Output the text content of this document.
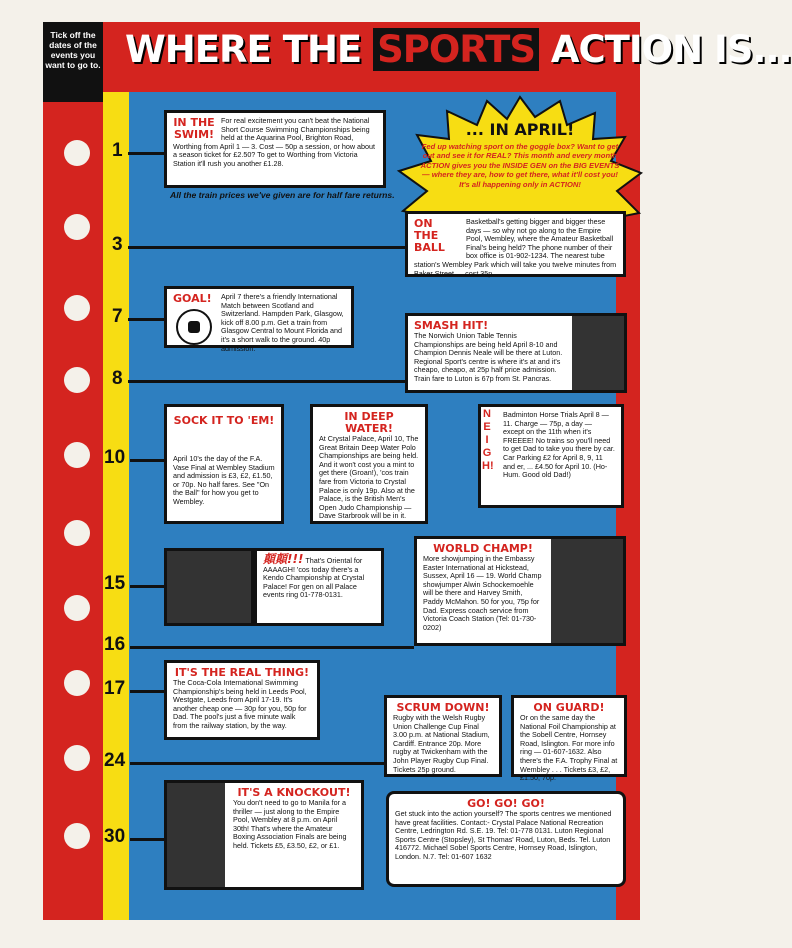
Tick off the dates of the events you want to go to. WHERE THE SPORTS ACTION IS...
1
3
7
8
10
15
16
17
24
30
... IN APRIL!
Fed up watching sport on the goggle box? Want to get out and see it for REAL? This month and every month ACTION gives you the INSIDE GEN on the BIG EVENTS — where they are, how to get there, what it'll cost you! It's all happening only in ACTION!
All the train prices we've given are for half fare returns.
IN THE SWIM!
For real excitement you can't beat the National Short Course Swimming Championships being held at the Aquarina Pool, Brighton Road, Worthing from April 1 — 3. Cost — 50p a session, or how about a season ticket for £2.50? To get to Worthing from Victoria Station it'll rush you another £1.28.
ON THE BALL
Basketball's getting bigger and bigger these days — so why not go along to the Empire Pool, Wembley, where the Amateur Basketball Final's being held? The phone number of their box office is 01-902-1234. The nearest tube station's Wembley Park which will take you twelve minutes from Baker Street — cost 35p.
GOAL!	April 7 there's a friendly International Match between Scotland and Switzerland. Hampden Park, Glasgow, kick off 8.00 p.m. Get a train from Glasgow Central to Mount Florida and it's a short walk to the ground. 40p admission.
SMASH HIT!
The Norwich Union Table Tennis Championships are being held April 8-10 and Champion Dennis Neale will be there at Luton. Regional Sport's centre is where it's at and it's cheapo, cheapo, at 25p half price admission. Train fare to Luton is 67p from St. Pancras.
SOCK IT TO 'EM!
April 10's the day of the F.A. Vase Final at Wembley Stadium and admission is £3, £2, £1.50, or 70p. No half fares. See "On the Ball" for how you get to Wembley.
IN DEEP WATER!
At Crystal Palace, April 10, The Great Britain Deep Water Polo Championships are being held. And it won't cost you a mint to get there (Groan!), 'cos train fare from Victoria to Crystal Palace is only 19p. Also at the Palace, is the British Men's Open Judo Championship — Dave Starbrook will be in it.
Badminton Horse Trials April 8 — 11. Charge — 75p, a day — except on the 11th when it's FREEEE! No trains so you'll need to get Dad to take you there by car. Car Parking £2 for April 8, 9, 11 and er, ... £4.50 for April 10. (Ho-Hum. Good old Dad!)
NEIGH!
顛顛!!! That's Oriental for AAAAGH! 'cos today there's a Kendo Championship at Crystal Palace! For gen on all Palace events ring 01-778-0131.
WORLD CHAMP!
More showjumping in the Embassy Easter International at Hickstead, Sussex, April 16 — 19. World Champ showjumper Alwin Schockemoehle will be there and Harvey Smith, Paddy McMahon. 50 for you, 75p for Dad. Express coach service from Victoria Coach Station (Tel: 01-730-0202)
IT'S THE REAL THING!
The Coca-Cola International Swimming Championship's being held in Leeds Pool, Westgate, Leeds from April 17-19. It's another cheap one — 30p for you, 50p for Dad. The pool's just a five minute walk from the railway station, by the way.
SCRUM DOWN!
Rugby with the Welsh Rugby Union Challenge Cup Final 3.00 p.m. at National Stadium, Cardiff. Entrance 20p. More rugby at Twickenham with the John Player Rugby Cup Final. Tickets 25p ground.
ON GUARD!
Or on the same day the National Foil Championship at the Sobell Centre, Hornsey Road, Islington. For more info ring — 01-607-1632. Also there's the F.A. Trophy Final at Wembley . . . Tickets £3, £2, £1.50, 70p.
IT'S A KNOCKOUT!
You don't need to go to Manila for a thriller — just along to the Empire Pool, Wembley at 8 p.m. on April 30th! That's where the Amateur Boxing Association Finals are being held. Tickets £5, £3.50, £2, or £1.
GO! GO! GO!
Get stuck into the action yourself? The sports centres we mentioned have great facilities. Contact:- Crystal Palace National Recreation Centre, Ledrington Rd. S.E. 19. Tel: 01-778 0131. Luton Regional Sports Centre (Stopsley), St Thomas' Road, Luton, Beds. Tel. Luton 416772. Michael Sobel Sports Centre, Hornsey Road, Islington, London. N.7. Tel: 01-607 1632
